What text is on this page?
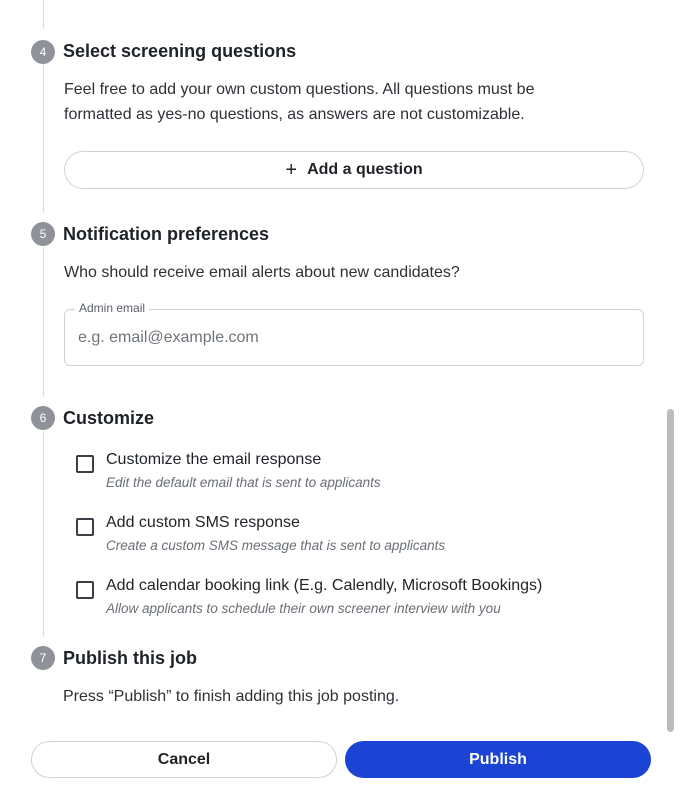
4 Select screening questions
Feel free to add your own custom questions. All questions must be
formatted as yes-no questions, as answers are not customizable.
+ Add a question
5 Notification preferences
Who should receive email alerts about new candidates?
Admin email
e.g. email@example.com
6 Customize
Customize the email response
Edit the default email that is sent to applicants
Add custom SMS response
Create a custom SMS message that is sent to applicants
Add calendar booking link (E.g. Calendly, Microsoft Bookings)
Allow applicants to schedule their own screener interview with you
7 Publish this job
Press “Publish” to finish adding this job posting.
Cancel	Publish
